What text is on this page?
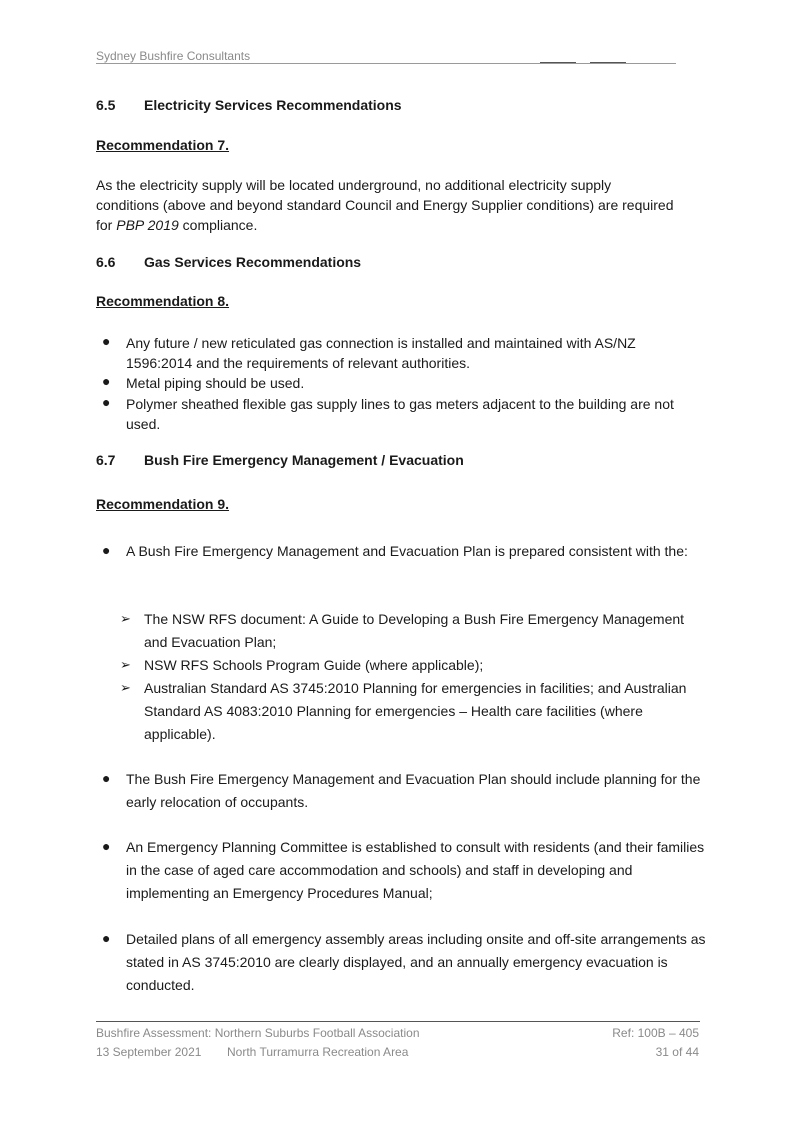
Sydney Bushfire Consultants
6.5 Electricity Services Recommendations
Recommendation 7.
As the electricity supply will be located underground, no additional electricity supply conditions (above and beyond standard Council and Energy Supplier conditions) are required for PBP 2019 compliance.
6.6 Gas Services Recommendations
Recommendation 8.
● Any future / new reticulated gas connection is installed and maintained with AS/NZ 1596:2014 and the requirements of relevant authorities.
● Metal piping should be used.
● Polymer sheathed flexible gas supply lines to gas meters adjacent to the building are not used.
6.7 Bush Fire Emergency Management / Evacuation
Recommendation 9.
● A Bush Fire Emergency Management and Evacuation Plan is prepared consistent with the:
➢ The NSW RFS document: A Guide to Developing a Bush Fire Emergency Management and Evacuation Plan;
➢ NSW RFS Schools Program Guide (where applicable);
➢ Australian Standard AS 3745:2010 Planning for emergencies in facilities; and Australian Standard AS 4083:2010 Planning for emergencies – Health care facilities (where applicable).
● The Bush Fire Emergency Management and Evacuation Plan should include planning for the early relocation of occupants.
● An Emergency Planning Committee is established to consult with residents (and their families in the case of aged care accommodation and schools) and staff in developing and implementing an Emergency Procedures Manual;
● Detailed plans of all emergency assembly areas including onsite and off-site arrangements as stated in AS 3745:2010 are clearly displayed, and an annually emergency evacuation is conducted.
Bushfire Assessment: Northern Suburbs Football Association
13 September 2021 North Turramurra Recreation Area
Ref: 100B – 405
31 of 44
